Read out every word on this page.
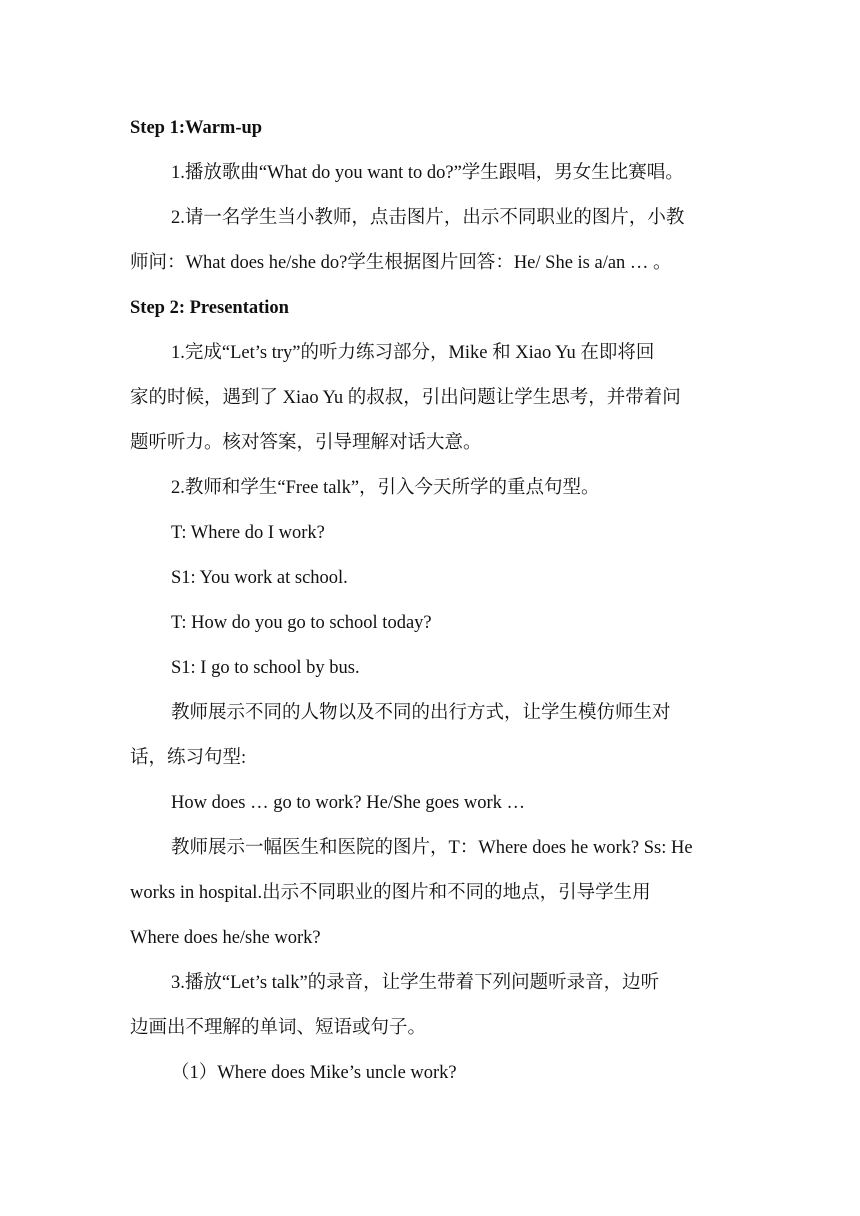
Step 1:Warm-up
1.播放歌曲“What do you want to do?”学生跟唱，男女生比赛唱。
2.请一名学生当小教师，点击图片，出示不同职业的图片，小教
师问：What does he/she do?学生根据图片回答：He/ She is a/an … 。
Step 2: Presentation
1.完成“Let’s try”的听力练习部分，Mike 和 Xiao Yu 在即将回
家的时候，遇到了 Xiao Yu 的叔叔，引出问题让学生思考，并带着问
题听听力。核对答案，引导理解对话大意。
2.教师和学生“Free talk”，引入今天所学的重点句型。
T: Where do I work?
S1: You work at school.
T: How do you go to school today?
S1: I go to school by bus.
教师展示不同的人物以及不同的出行方式，让学生模仿师生对
话，练习句型:
How does … go to work? He/She goes work …
教师展示一幅医生和医院的图片，T：Where does he work? Ss: He
works in hospital.出示不同职业的图片和不同的地点，引导学生用
Where does he/she work?
3.播放“Let’s talk”的录音，让学生带着下列问题听录音，边听
边画出不理解的单词、短语或句子。
（1）Where does Mike’s uncle work?
